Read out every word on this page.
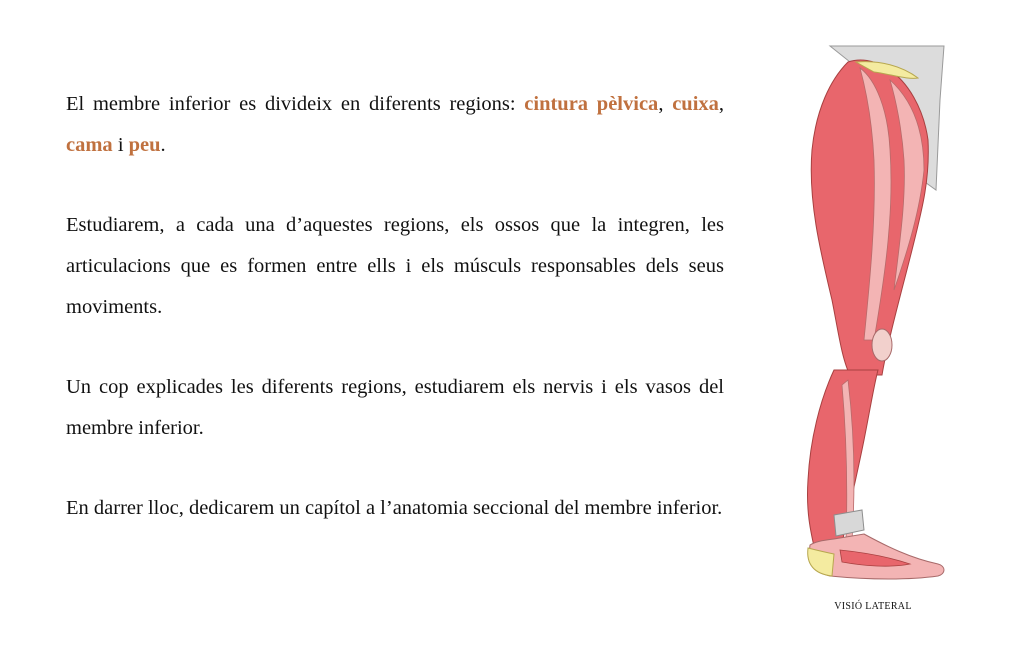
El membre inferior es divideix en diferents regions: cintura pèlvica, cuixa, cama i peu.

Estudiarem, a cada una d’aquestes regions, els ossos que la integren, les articulacions que es formen entre ells i els músculs responsables dels seus moviments.

Un cop explicades les diferents regions, estudiarem els nervis i els vasos del membre inferior.

En darrer lloc, dedicarem un capítol a l’anatomia seccional del membre inferior.

VISIÓ LATERAL
